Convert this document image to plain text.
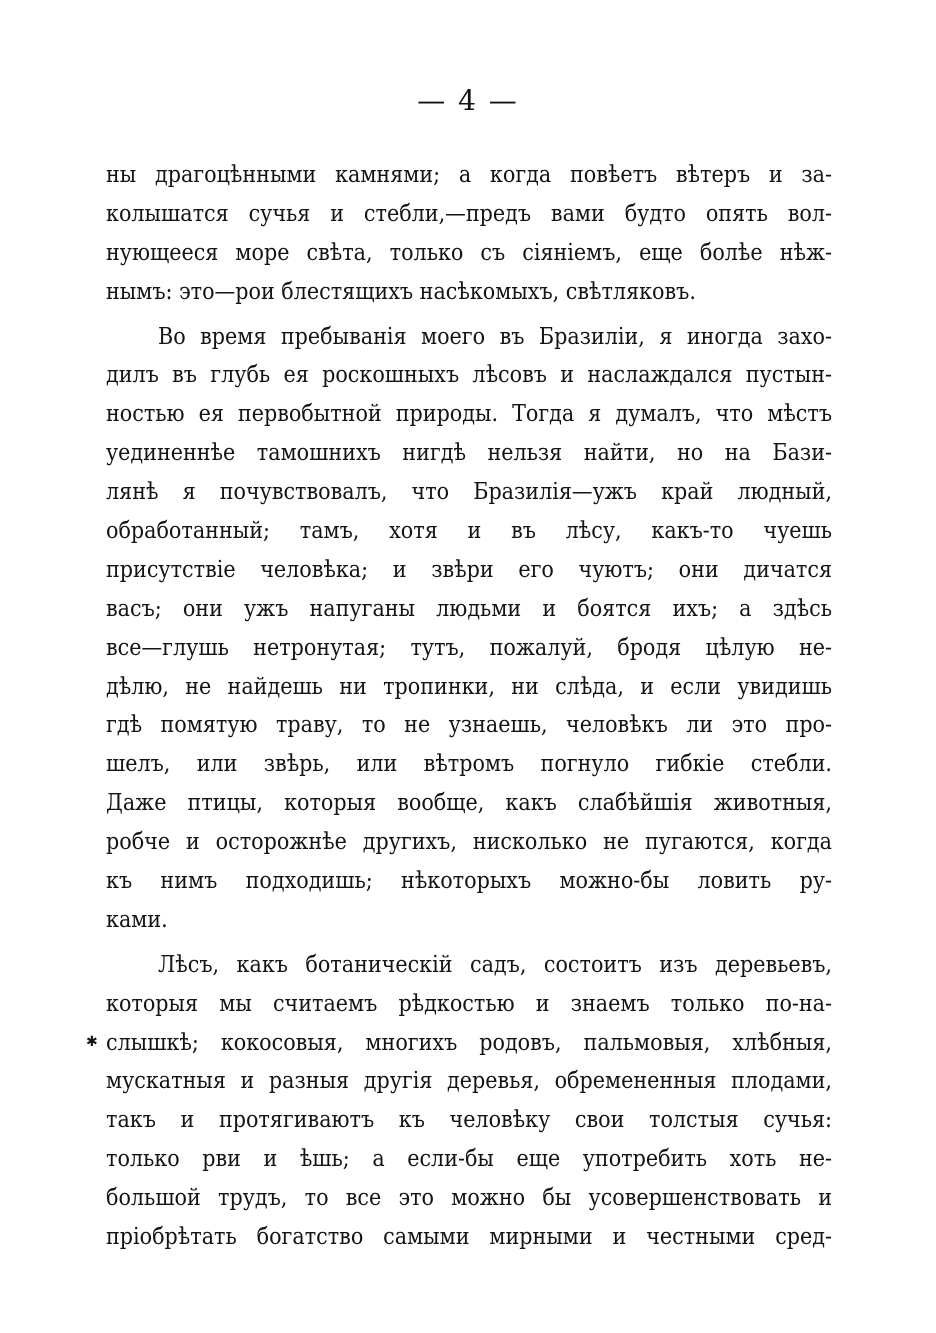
— 4 —
✱
ны драгоцѣнными камнями; а когда повѣетъ вѣтеръ и за-
колышатся сучья и стебли,—предъ вами будто опять вол-
нующееся море свѣта, только съ сіяніемъ, еще болѣе нѣж-
нымъ: это—рои блестящихъ насѣкомыхъ, свѣтляковъ.
Во время пребыванія моего въ Бразиліи, я иногда захо-
дилъ въ глубь ея роскошныхъ лѣсовъ и наслаждался пустын-
ностью ея первобытной природы. Тогда я думалъ, что мѣстъ
уединеннѣе тамошнихъ нигдѣ нельзя найти, но на Бази-
лянѣ я почувствовалъ, что Бразилія—ужъ край людный,
обработанный; тамъ, хотя и въ лѣсу, какъ-то чуешь
присутствіе человѣка; и звѣри его чуютъ; они дичатся
васъ; они ужъ напуганы людьми и боятся ихъ; а здѣсь
все—глушь нетронутая; тутъ, пожалуй, бродя цѣлую не-
дѣлю, не найдешь ни тропинки, ни слѣда, и если увидишь
гдѣ помятую траву, то не узнаешь, человѣкъ ли это про-
шелъ, или звѣрь, или вѣтромъ погнуло гибкіе стебли.
Даже птицы, которыя вообще, какъ слабѣйшія животныя,
робче и осторожнѣе другихъ, нисколько не пугаются, когда
къ нимъ подходишь; нѣкоторыхъ можно-бы ловить ру-
ками.
Лѣсъ, какъ ботаническій садъ, состоитъ изъ деревьевъ,
которыя мы считаемъ рѣдкостью и знаемъ только по-на-
слышкѣ; кокосовыя, многихъ родовъ, пальмовыя, хлѣбныя,
мускатныя и разныя другія деревья, обремененныя плодами,
такъ и протягиваютъ къ человѣку свои толстыя сучья:
только рви и ѣшь; а если-бы еще употребить хоть не-
большой трудъ, то все это можно бы усовершенствовать и
пріобрѣтать богатство самыми мирными и честными сред-
